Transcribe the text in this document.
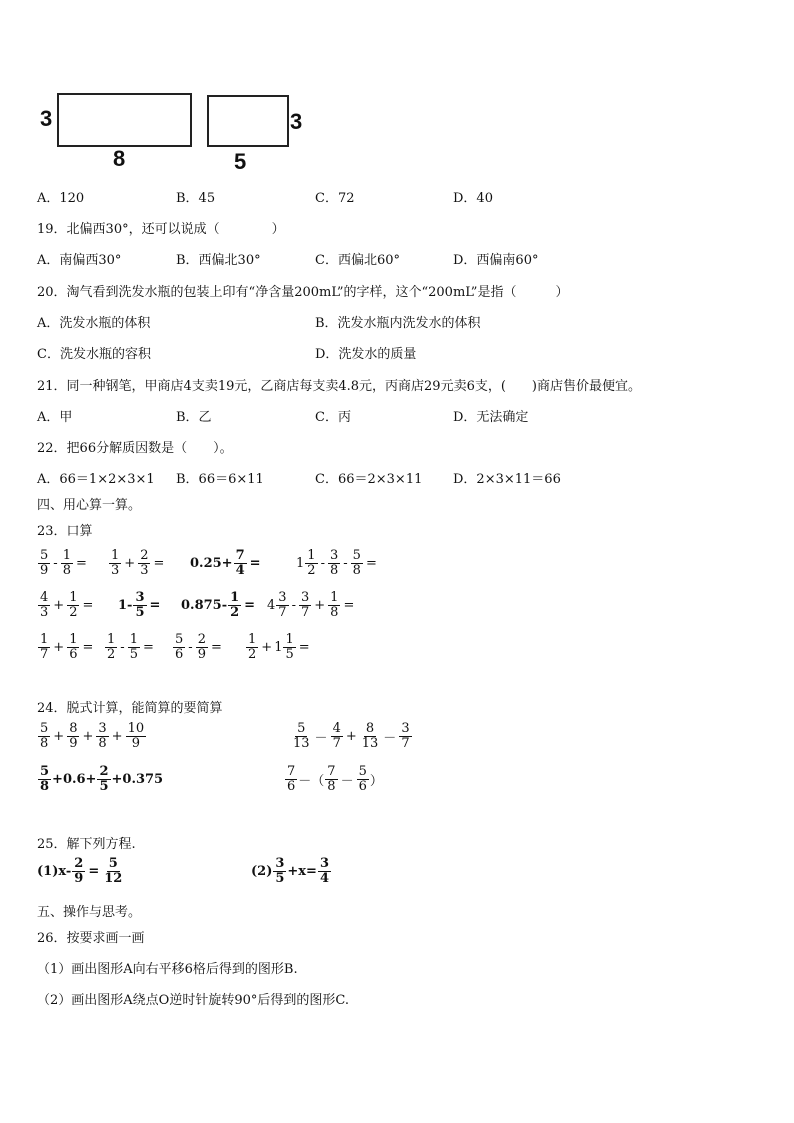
3
8
3
5
A．120	B．45	C．72	D．40
19．北偏西30°，还可以说成（　　　　）
A．南偏西30°	B．西偏北30°	C．西偏北60°	D．西偏南60°
20．淘气看到洗发水瓶的包装上印有“净含量200mL”的字样，这个“200mL”是指（　　　）
A．洗发水瓶的体积	B．洗发水瓶内洗发水的体积
C．洗发水瓶的容积	D．洗发水的质量
21．同一种钢笔，甲商店4支卖19元，乙商店每支卖4.8元，丙商店29元卖6支，(　　)商店售价最便宜。
A．甲	B．乙	C．丙	D．无法确定
22．把66分解质因数是（　　）。
A．66＝1×2×3×1 B．66＝6×11	C．66＝2×3×11 D．2×3×11＝66
四、用心算一算。
23．口算
$\frac{5}{9} - \frac{1}{8} = \frac{1}{3} + \frac{2}{3} = 0.25+ \frac{7}{4}$ =	$1 \frac{1}{2} - \frac{3}{8} - \frac{5}{8}$ =
$\frac{4}{3} + \frac{1}{2} = 1- \frac{3}{5} = 0.875- \frac{1}{2} = 4 \frac{3}{7} - \frac{3}{7} + \frac{1}{8}$ =
$\frac{1}{7} + \frac{1}{6} = \frac{1}{2} - \frac{1}{5} = \frac{5}{6} - \frac{2}{9} = \frac{1}{2} + 1 \frac{1}{5}$ =
24．脱式计算，能简算的要简算
$\frac{5}{8} + \frac{8}{9} + \frac{3}{8} + \frac{10}{9}$	$\frac{5}{13} - \frac{4}{7} + \frac{8}{13} - \frac{3}{7}$
$\frac{5}{8} +0.6+ \frac{2}{5} +0.375$	$\frac{7}{6}$ －（ $\frac{7}{8} - \frac{5}{6}$ ）
25．解下列方程.
$(1)x- \frac{2}{9} = \frac{5}{12}$	$(2) \frac{3}{5} +x= \frac{3}{4}$
五、操作与思考。
26．按要求画一画
（1）画出图形A向右平移6格后得到的图形B.
（2）画出图形A绕点O逆时针旋转90°后得到的图形C.
